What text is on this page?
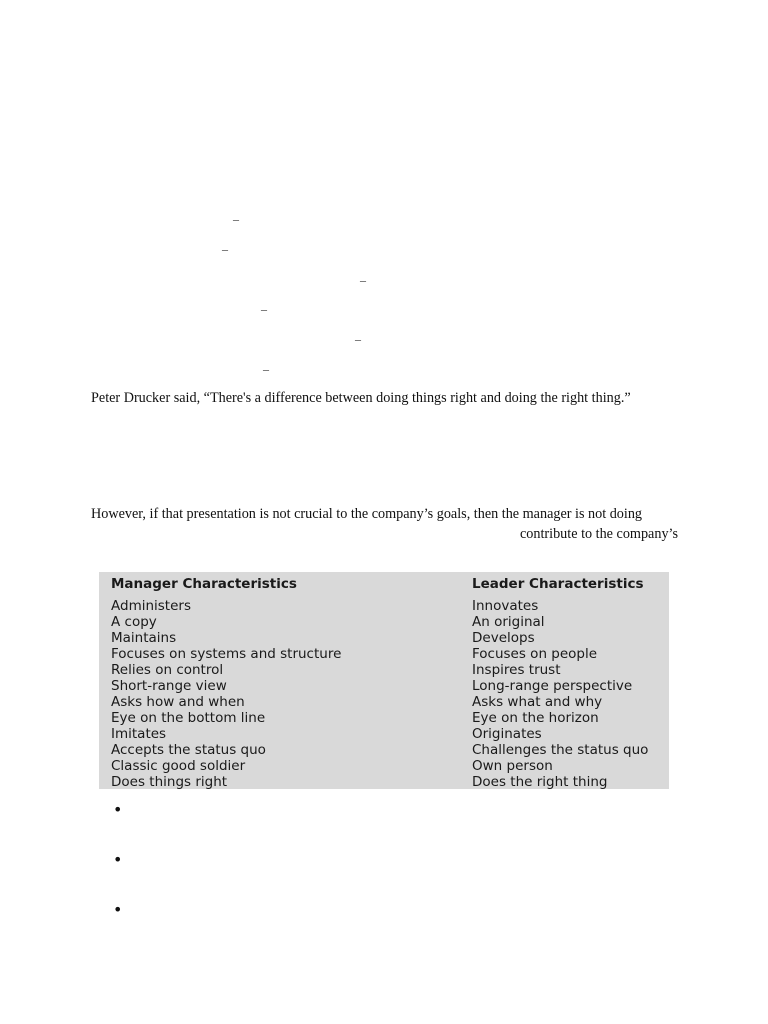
–
–
–
–
–
–

Peter Drucker said, “There's a difference between doing things right and doing the right thing.”

However, if that presentation is not crucial to the company’s goals, then the manager is not doing

contribute to the company’s

Manager Characteristics
Administers
A copy
Maintains
Focuses on systems and structure
Relies on control
Short-range view
Asks how and when
Eye on the bottom line
Imitates
Accepts the status quo
Classic good soldier
Does things right
Leader Characteristics
Innovates
An original
Develops
Focuses on people
Inspires trust
Long-range perspective
Asks what and why
Eye on the horizon
Originates
Challenges the status quo
Own person
Does the right thing
•
•
•
